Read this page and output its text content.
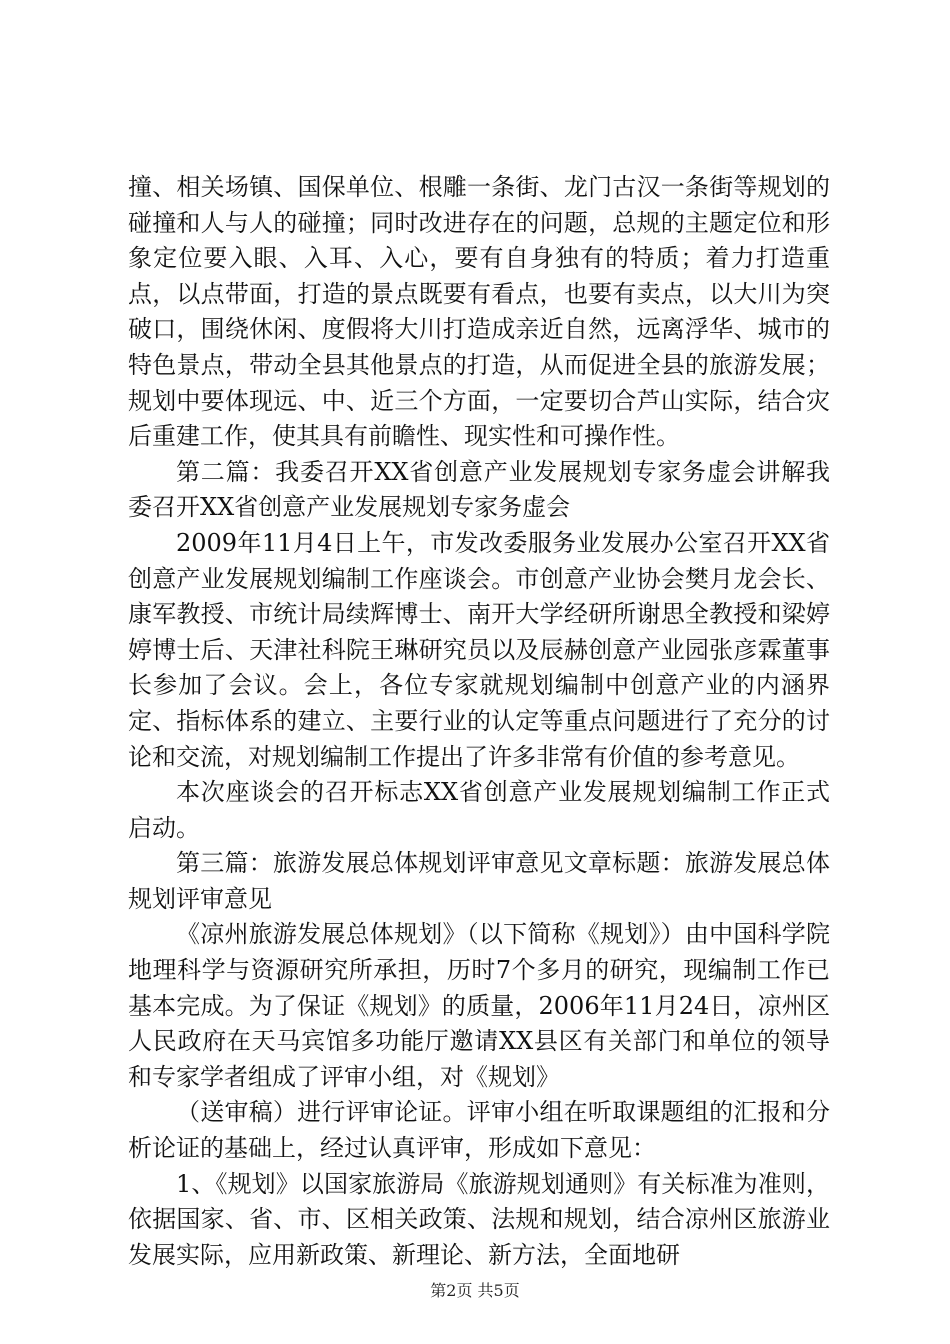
撞、相关场镇、国保单位、根雕一条街、龙门古汉一条街等规划的碰撞和人与人的碰撞；同时改进存在的问题，总规的主题定位和形象定位要入眼、入耳、入心，要有自身独有的特质；着力打造重点，以点带面，打造的景点既要有看点，也要有卖点，以大川为突破口，围绕休闲、度假将大川打造成亲近自然，远离浮华、城市的特色景点，带动全县其他景点的打造，从而促进全县的旅游发展；规划中要体现远、中、近三个方面，一定要切合芦山实际，结合灾后重建工作，使其具有前瞻性、现实性和可操作性。

第二篇：我委召开XX省创意产业发展规划专家务虚会讲解我委召开XX省创意产业发展规划专家务虚会

2009年11月4日上午，市发改委服务业发展办公室召开XX省创意产业发展规划编制工作座谈会。市创意产业协会樊月龙会长、康军教授、市统计局续辉博士、南开大学经研所谢思全教授和梁婷婷博士后、天津社科院王琳研究员以及辰赫创意产业园张彦霖董事长参加了会议。会上，各位专家就规划编制中创意产业的内涵界定、指标体系的建立、主要行业的认定等重点问题进行了充分的讨论和交流，对规划编制工作提出了许多非常有价值的参考意见。

本次座谈会的召开标志XX省创意产业发展规划编制工作正式启动。

第三篇：旅游发展总体规划评审意见文章标题：旅游发展总体规划评审意见

《凉州旅游发展总体规划》（以下简称《规划》）由中国科学院地理科学与资源研究所承担，历时7个多月的研究，现编制工作已基本完成。为了保证《规划》的质量，2006年11月24日，凉州区人民政府在天马宾馆多功能厅邀请XX县区有关部门和单位的领导和专家学者组成了评审小组，对《规划》

（送审稿）进行评审论证。评审小组在听取课题组的汇报和分析论证的基础上，经过认真评审，形成如下意见：

1、《规划》以国家旅游局《旅游规划通则》有关标准为准则，依据国家、省、市、区相关政策、法规和规划，结合凉州区旅游业发展实际，应用新政策、新理论、新方法，全面地研

第2页 共5页
